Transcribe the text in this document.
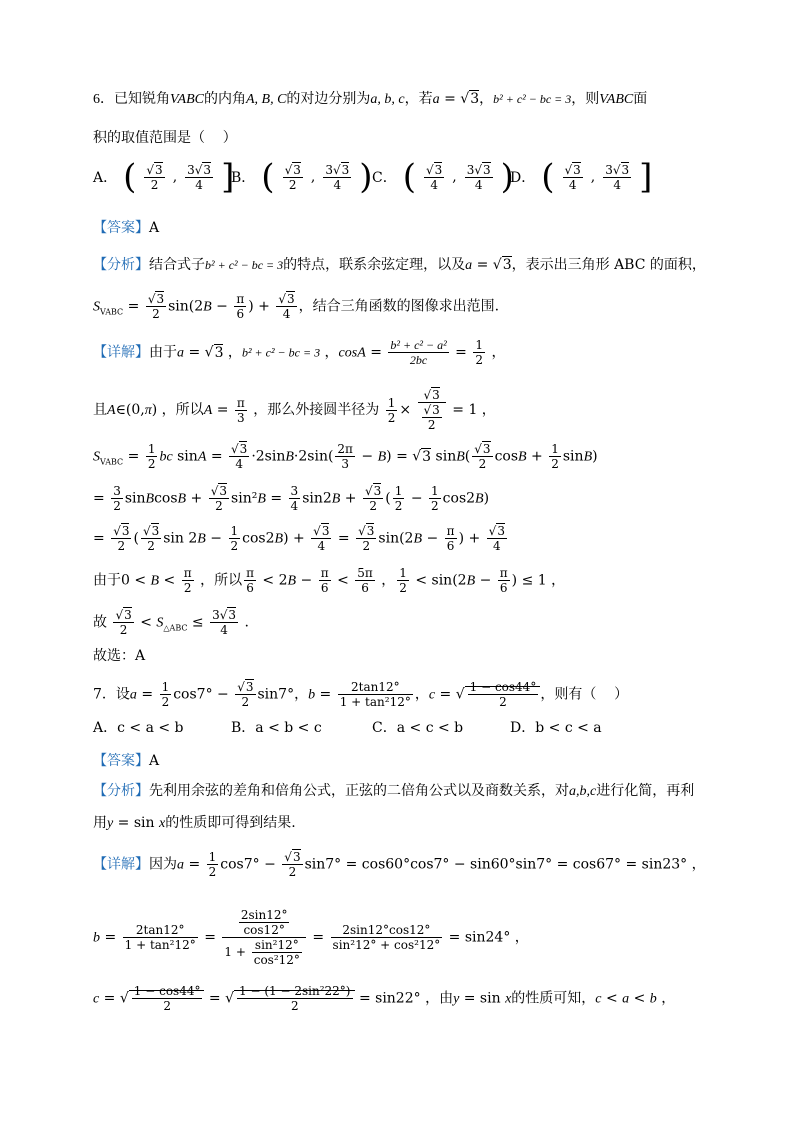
6．已知锐角VABC的内角A, B, C的对边分别为a, b, c，若a = √3，b² + c² − bc = 3，则VABC面
积的取值范围是（    ）
A． ( √3
2	, 3√3
4 ]
B． ( √3
2	, 3√3
4 ) C． ( √3
4	, 3√3
4 )
D． ( √3
4	, 3√3
4 ]
【答案】A
【分析】结合式子b² + c² − bc = 3的特点，联系余弦定理，以及a = √3，表示出三角形 ABC 的面积，
$S_{VABC} = \frac{√3}{2} \sin(2B - \frac{\pi}{6}$ ) + $\frac{√3}{4}$ ，结合三角函数的图像求出范围.
【详解】由于a = √3 ，b² + c² − bc = 3 ，$\cos A = \frac{\text{b² + c² − a²}}{2bc} = \frac{1}{2}$ ，
且A∈(0,π) ，所以$A = \frac{\pi}{3}$ ，那么外接圆半径为 $\frac{1}{2} \times \frac{√3}{\frac{√3}{2}} = 1$ ，
$S_{VABC} = \frac{1}{2}$ bc $\sin A = \frac{√3}{4} \cdot 2\sin B\cdot 2\sin( \frac{2\pi}{3} - B) = √3$ $\sin B( \frac{√3}{2}$ $\cos B + \frac{1}{2} \sin B$)
= $\frac{3}{2}$ sinBcosB + $\frac{√3}{2} \sin^2B = \frac{3}{4} \sin 2B + \frac{√3}{2}$ ( $\frac{1}{2} - \frac{1}{2} \cos 2B$)
= $\frac{√3}{2}$ ( $\frac{√3}{2}$ $\sin 2B - \frac{1}{2} \cos 2B) + \frac{√3}{4} = \frac{√3}{2} \sin(2B - \frac{\pi}{6}$ ) + $\frac{√3}{4}$
由于$0 < B < \frac{\pi}{2}$ ，所以 $\frac{\pi}{6} < 2B - \frac{\pi}{6} < \frac{5\pi}{6}$ ， $\frac{1}{2} < \sin(2B - \frac{\pi}{6}$ ) ≤ 1 ，
故 $\frac{√3}{2} < S_{\triangle ABC} \le \frac{3√3}{4}$ .
故选：A
7．设$a = \frac{1}{2} \cos 7^\circ - \frac{√3}{2} \sin 7^\circ$，$b = \frac{2\tan 12^\circ}{\text{1 + tan²12°}}$ ，c = √ $\frac{1 - \cos 44^\circ}{2}$ ，则有（    ）
A．c < a < b	B．a < b < c	C．a < c < b	D．b < c < a
【答案】A
【分析】先利用余弦的差角和倍角公式，正弦的二倍角公式以及商数关系，对a,b,c进行化简，再利
用y = sin x的性质即可得到结果.
【详解】因为$a = \frac{1}{2} \cos 7^\circ - \frac{√3}{2} \sin 7^\circ = \cos 60^\circ\cos 7^\circ - \sin 60^\circ\sin 7^\circ = \cos 67^\circ = \sin 23^\circ$ ，
$b = \frac{2\tan 12^\circ}{\text{1 + tan²12°}} = \frac{\frac{2\sin 12^\circ}{\cos 12^\circ}}{1 + \frac{\text{sin²12°}}{\text{cos²12°}}} = \frac{2\sin 12^\circ\cos 12^\circ}{\text{sin²12° + cos²12°}} = \sin 24^\circ$ ，
c = √ $\frac{1 - \cos 44^\circ}{2}$ = √ $\frac{\text{1 − (1 − 2sin²22°)}}{2} = \sin 22^\circ$ ，由y = sin x的性质可知，c < a < b ，
